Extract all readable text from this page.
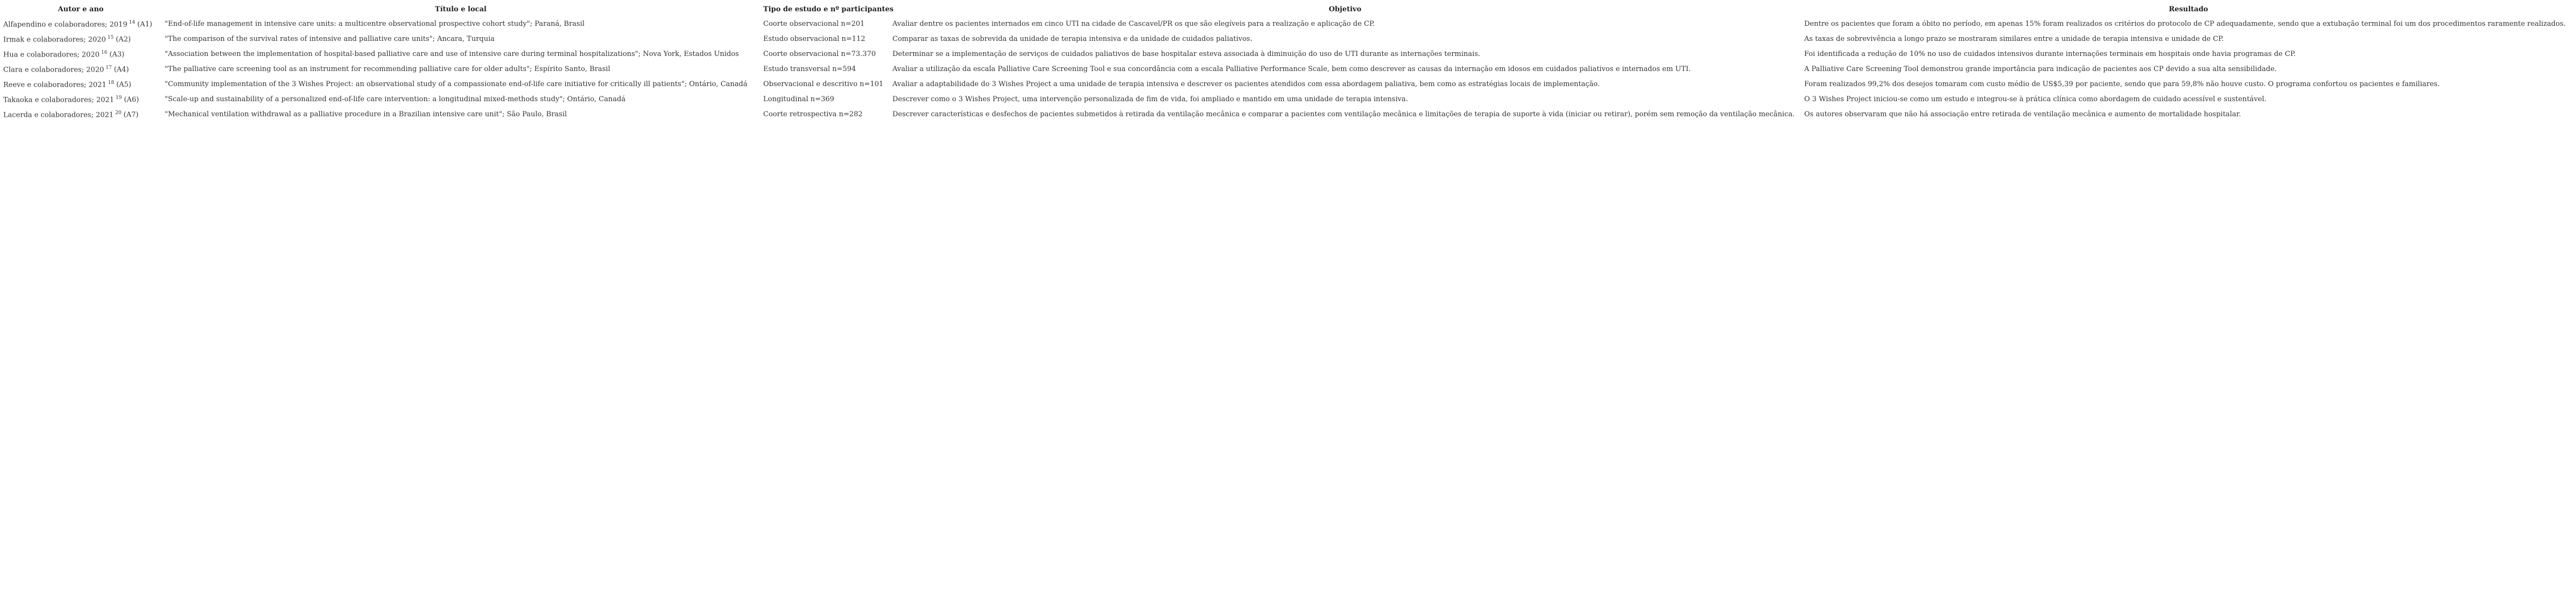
Autor e ano	Título e local	Tipo de estudo e nº participantes	Objetivo	Resultado
Alfapendino e colaboradores; 2019 $^{14}$ (A1)	"End-of-life management in intensive care units: a multicentre observational prospective cohort study"; Paraná, Brasil	Coorte observacional n=201	Avaliar dentre os pacientes internados em cinco UTI na cidade de Cascavel/PR os que são elegíveis para a realização e aplicação de CP.	Dentre os pacientes que foram a óbito no período, em apenas 15% foram realizados os critérios do protocolo de CP adequadamente, sendo que a extubação terminal foi um dos procedimentos raramente realizados.
Irmak e colaboradores; 2020 $^{15}$ (A2)	"The comparison of the survival rates of intensive and palliative care units"; Ancara, Turquia	Estudo observacional n=112	Comparar as taxas de sobrevida da unidade de terapia intensiva e da unidade de cuidados paliativos.	As taxas de sobrevivência a longo prazo se mostraram similares entre a unidade de terapia intensiva e unidade de CP.
Hua e colaboradores; 2020 $^{16}$ (A3)	"Association between the implementation of hospital-based palliative care and use of intensive care during terminal hospitalizations"; Nova York, Estados Unidos	Coorte observacional n=73.370	Determinar se a implementação de serviços de cuidados paliativos de base hospitalar esteva associada à diminuição do uso de UTI durante as internações terminais.	Foi identificada a redução de 10% no uso de cuidados intensivos durante internações terminais em hospitais onde havia programas de CP.
Clara e colaboradores; 2020 $^{17}$ (A4)	"The palliative care screening tool as an instrument for recommending palliative care for older adults"; Espírito Santo, Brasil	Estudo transversal n=594	Avaliar a utilização da escala Palliative Care Screening Tool e sua concordância com a escala Palliative Performance Scale, bem como descrever as causas da internação em idosos em cuidados paliativos e internados em UTI.	A Palliative Care Screening Tool demonstrou grande importância para indicação de pacientes aos CP devido a sua alta sensibilidade.
Reeve e colaboradores; 2021 $^{18}$ (A5)	"Community implementation of the 3 Wishes Project: an observational study of a compassionate end-of-life care initiative for critically ill patients"; Ontário, Canadá	Observacional e descritivo n=101	Avaliar a adaptabilidade do 3 Wishes Project a uma unidade de terapia intensiva e descrever os pacientes atendidos com essa abordagem paliativa, bem como as estratégias locais de implementação.	Foram realizados 99,2% dos desejos tomaram com custo médio de US$5,39 por paciente, sendo que para 59,8% não houve custo. O programa confortou os pacientes e familiares.
Takaoka e colaboradores; 2021 $^{19}$ (A6)	"Scale-up and sustainability of a personalized end-of-life care intervention: a longitudinal mixed-methods study"; Ontário, Canadá	Longitudinal n=369	Descrever como o 3 Wishes Project, uma intervenção personalizada de fim de vida, foi ampliado e mantido em uma unidade de terapia intensiva.	O 3 Wishes Project iniciou-se como um estudo e integrou-se à prática clínica como abordagem de cuidado acessível e sustentável.
Lacerda e colaboradores; 2021 $^{20}$ (A7)	"Mechanical ventilation withdrawal as a palliative procedure in a Brazilian intensive care unit"; São Paulo, Brasil	Coorte retrospectiva n=282	Descrever características e desfechos de pacientes submetidos à retirada da ventilação mecânica e comparar a pacientes com ventilação mecânica e limitações de terapia de suporte à vida (iniciar ou retirar), porém sem remoção da ventilação mecânica.	Os autores observaram que não há associação entre retirada de ventilação mecânica e aumento de mortalidade hospitalar.
